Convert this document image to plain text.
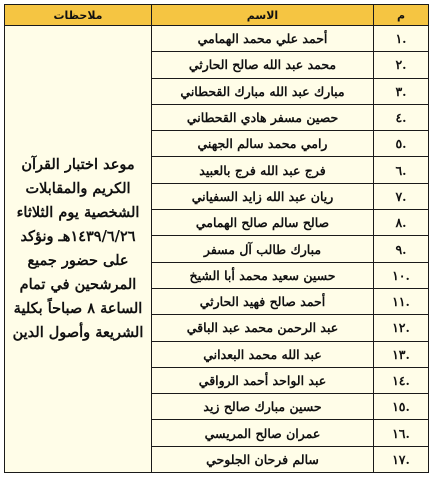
م	الاسم	ملاحظات
.١	أحمد علي محمد الهمامي	موعد اختبار القرآن الكريم والمقابلات الشخصية يوم الثلاثاء ١٤٣٩/٦/٢٦هـ ونؤكد على حضور جميع المرشحين في تمام الساعة ٨ صباحاً بكلية الشريعة وأصول الدين
.٢	محمد عبد الله صالح الحارثي	
.٣	مبارك عبد الله مبارك القحطاني	
.٤	حصين مسفر هادي القحطاني	
.٥	رامي محمد سالم الجهني	
.٦	فرج عبد الله فرج بالعبيد	
.٧	ريان عبد الله زايد السفياني	
.٨	صالح سالم صالح الهمامي	
.٩	مبارك طالب آل مسفر	
.١٠	حسين سعيد محمد أبا الشيخ	
.١١	أحمد صالح فهيد الحارثي	
.١٢	عبد الرحمن محمد عبد الباقي	
.١٣	عبد الله محمد البعداني	
.١٤	عبد الواحد أحمد الرواقي	
.١٥	حسين مبارك صالح زيد	
.١٦	عمران صالح المريسي	
.١٧	سالم فرحان الجلوحي	
